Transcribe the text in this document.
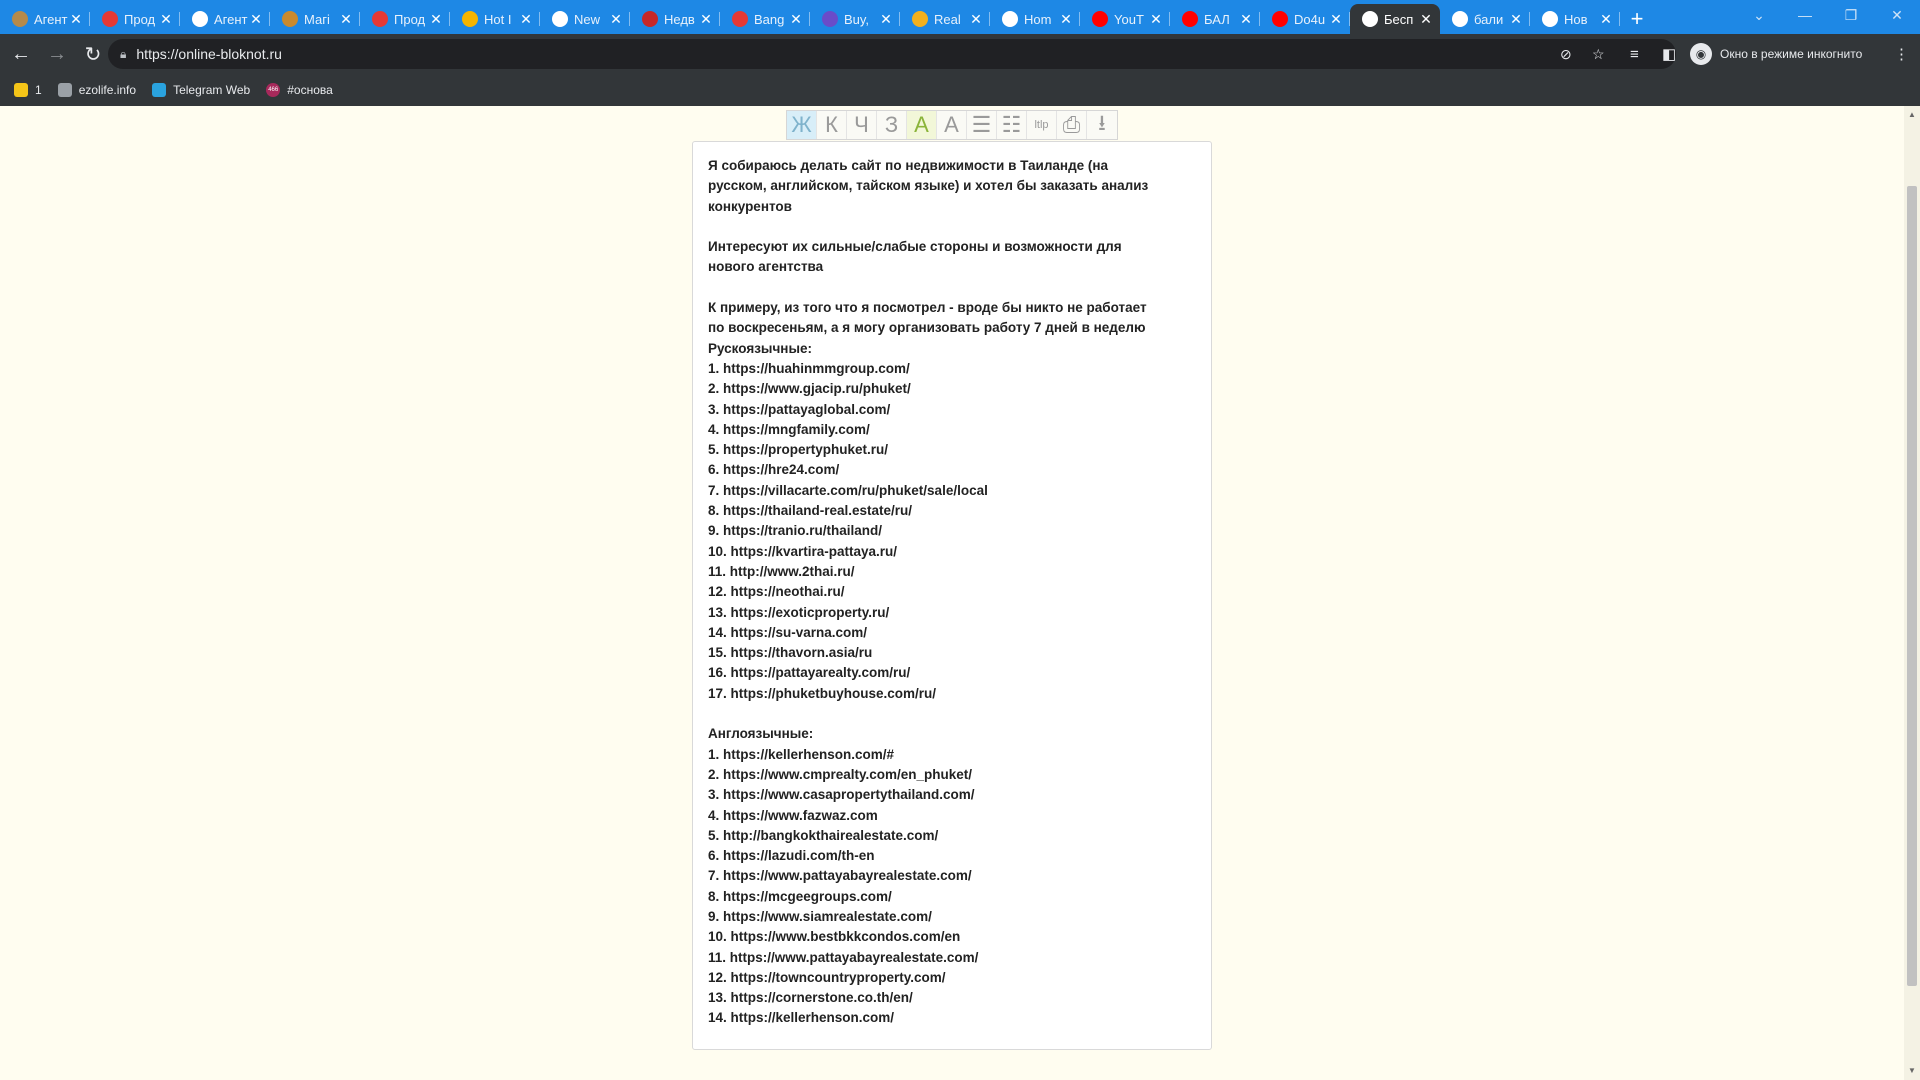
Агент ✕	Прод ✕	Агент ✕	Магi ✕	Прод ✕	Hot I ✕	New ✕	Недв ✕	Bang ✕	Buy, ✕	Real ✕	Hom ✕	YouT ✕	БАЛ ✕	Do4u ✕	Бесп ✕	бали ✕	Нов ✕ +	⌄	—	❐	✕
← → ↻ 🔒︎ https://online-bloknot.ru	⊘ ☆ ≡ ◧	◉	Окно в режиме инкогнито ⋮
1	ezolife.info	Telegram Web	466 #основа
Ж К Ч З А А ☰ ☷	ltlp ⎙ ⭳
Я собираюсь делать сайт по недвижимости в Таиланде (на
русском, английском, тайском языке) и хотел бы заказать анализ
конкурентов
Интересуют их сильные/слабые стороны и возможности для
нового агентства
К примеру, из того что я посмотрел - вроде бы никто не работает
по воскресеньям, а я могу организовать работу 7 дней в неделю
Рускоязычные:
1. https://huahinmmgroup.com/
2. https://www.gjacip.ru/phuket/
3. https://pattayaglobal.com/
4. https://mngfamily.com/
5. https://propertyphuket.ru/
6. https://hre24.com/
7. https://villacarte.com/ru/phuket/sale/local
8. https://thailand-real.estate/ru/
9. https://tranio.ru/thailand/
10. https://kvartira-pattaya.ru/
11. http://www.2thai.ru/
12. https://neothai.ru/
13. https://exoticproperty.ru/
14. https://su-varna.com/
15. https://thavorn.asia/ru
16. https://pattayarealty.com/ru/
17. https://phuketbuyhouse.com/ru/
Англоязычные:
1. https://kellerhenson.com/#
2. https://www.cmprealty.com/en_phuket/
3. https://www.casapropertythailand.com/
4. https://www.fazwaz.com
5. http://bangkokthairealestate.com/
6. https://lazudi.com/th-en
7. https://www.pattayabayrealestate.com/
8. https://mcgeegroups.com/
9. https://www.siamrealestate.com/
10. https://www.bestbkkcondos.com/en
11. https://www.pattayabayrealestate.com/
12. https://towncountryproperty.com/
13. https://cornerstone.co.th/en/
14. https://kellerhenson.com/
▲
▼
